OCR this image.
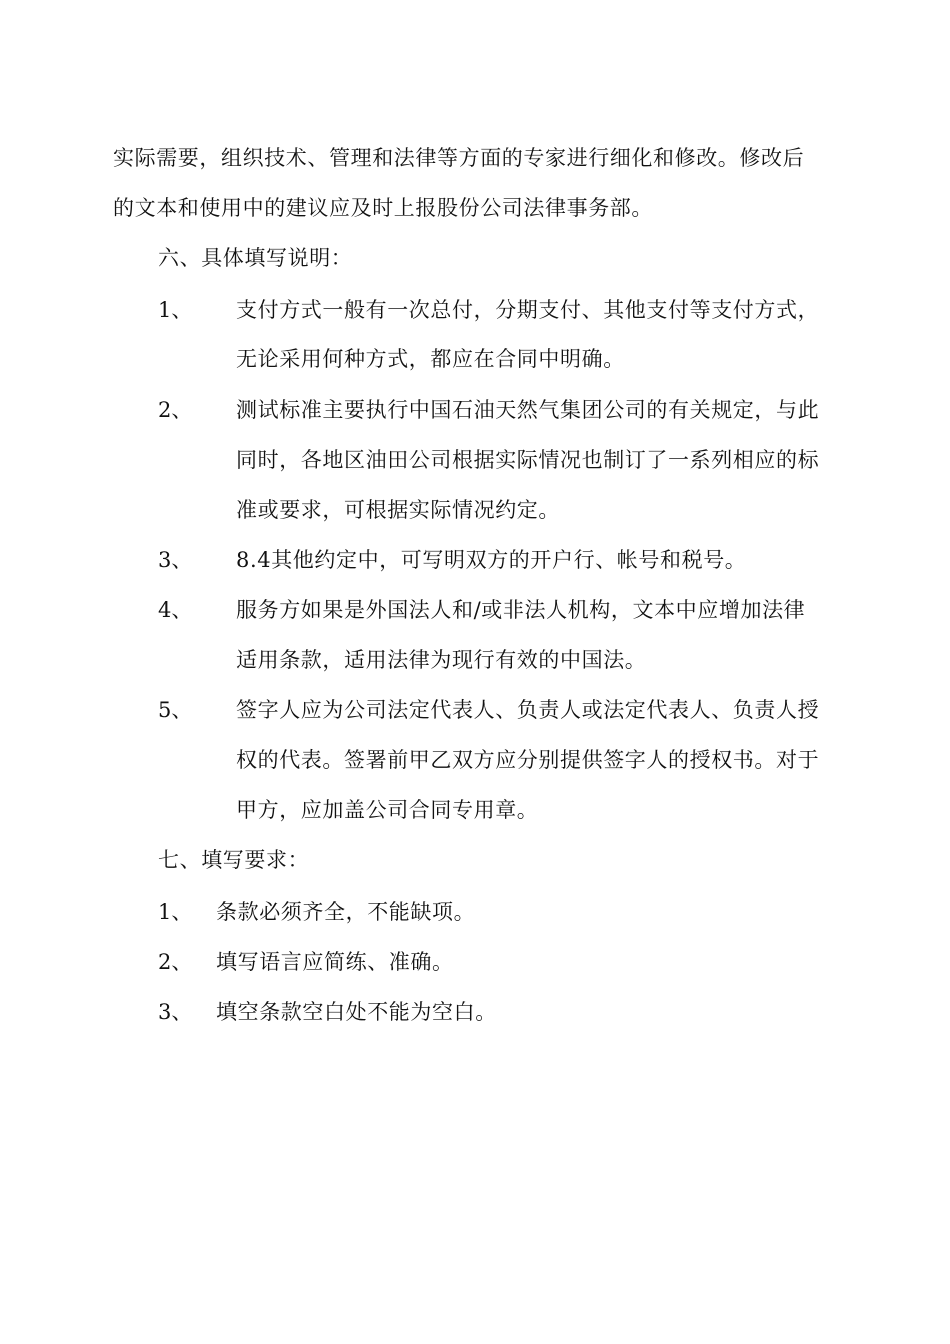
实际需要，组织技术、管理和法律等方面的专家进行细化和修改。修改后
的文本和使用中的建议应及时上报股份公司法律事务部。
六、具体填写说明：
1、 支付方式一般有一次总付，分期支付、其他支付等支付方式，
无论采用何种方式，都应在合同中明确。
2、 测试标准主要执行中国石油天然气集团公司的有关规定，与此
同时，各地区油田公司根据实际情况也制订了一系列相应的标
准或要求，可根据实际情况约定。
3、 8.4其他约定中，可写明双方的开户行、帐号和税号。
4、 服务方如果是外国法人和/或非法人机构，文本中应增加法律
适用条款，适用法律为现行有效的中国法。
5、 签字人应为公司法定代表人、负责人或法定代表人、负责人授
权的代表。签署前甲乙双方应分别提供签字人的授权书。对于
甲方，应加盖公司合同专用章。
七、填写要求：
1、 条款必须齐全，不能缺项。
2、 填写语言应简练、准确。
3、 填空条款空白处不能为空白。
